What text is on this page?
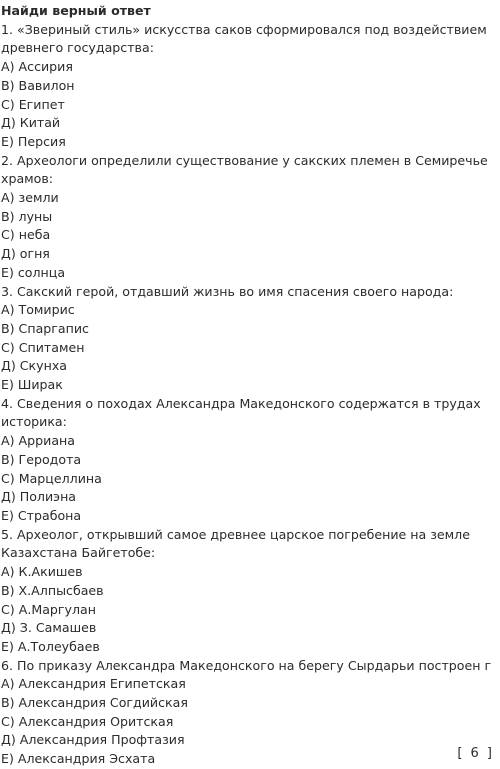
Найди верный ответ
1. «Звериный стиль» искусства саков сформировался под воздействием
древнего государства:
А) Ассирия
В) Вавилон
С) Египет
Д) Китай
Е) Персия
2. Археологи определили существование у сакских племен в Семиречье
храмов:
А) земли
В) луны
С) неба
Д) огня
Е) солнца
3. Сакский герой, отдавший жизнь во имя спасения своего народа:
А) Томирис
В) Спаргапис
С) Спитамен
Д) Скунха
Е) Ширак
4. Сведения о походах Александра Македонского содержатся в трудах
историка:
А) Арриана
В) Геродота
С) Марцеллина
Д) Полиэна
Е) Страбона
5. Археолог, открывший самое древнее царское погребение на земле
Казахстана Байгетобе:
А) К.Акишев
В) Х.Алпысбаев
С) А.Маргулан
Д) З. Самашев
Е) А.Толеубаев
6. По приказу Александра Македонского на берегу Сырдарьи построен г
А) Александрия Египетская
В) Александрия Согдийская
С) Александрия Оритская
Д) Александрия Профтазия
Е) Александрия Эсхата	[ 6 ]
